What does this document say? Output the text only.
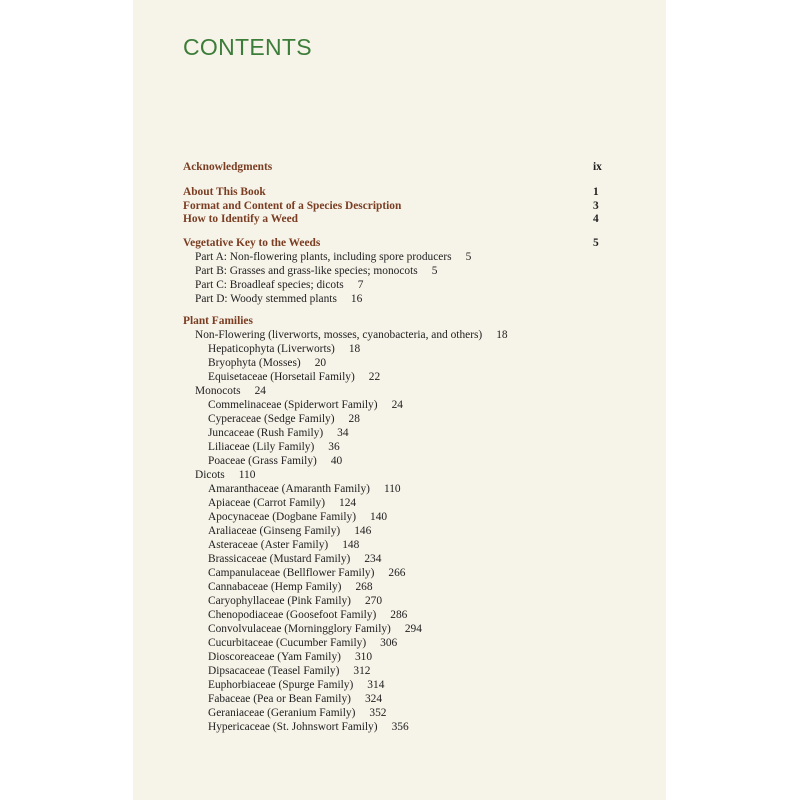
CONTENTS
Acknowledgments	ix
About This Book	1
Format and Content of a Species Description	3
How to Identify a Weed	4
Vegetative Key to the Weeds	5
Part A: Non-flowering plants, including spore producers 5
Part B: Grasses and grass-like species; monocots 5
Part C: Broadleaf species; dicots 7
Part D: Woody stemmed plants 16
Plant Families
Non-Flowering (liverworts, mosses, cyanobacteria, and others) 18
Hepaticophyta (Liverworts) 18
Bryophyta (Mosses) 20
Equisetaceae (Horsetail Family) 22
Monocots 24
Commelinaceae (Spiderwort Family) 24
Cyperaceae (Sedge Family) 28
Juncaceae (Rush Family) 34
Liliaceae (Lily Family) 36
Poaceae (Grass Family) 40
Dicots 110
Amaranthaceae (Amaranth Family) 110
Apiaceae (Carrot Family) 124
Apocynaceae (Dogbane Family) 140
Araliaceae (Ginseng Family) 146
Asteraceae (Aster Family) 148
Brassicaceae (Mustard Family) 234
Campanulaceae (Bellflower Family) 266
Cannabaceae (Hemp Family) 268
Caryophyllaceae (Pink Family) 270
Chenopodiaceae (Goosefoot Family) 286
Convolvulaceae (Morningglory Family) 294
Cucurbitaceae (Cucumber Family) 306
Dioscoreaceae (Yam Family) 310
Dipsacaceae (Teasel Family) 312
Euphorbiaceae (Spurge Family) 314
Fabaceae (Pea or Bean Family) 324
Geraniaceae (Geranium Family) 352
Hypericaceae (St. Johnswort Family) 356
